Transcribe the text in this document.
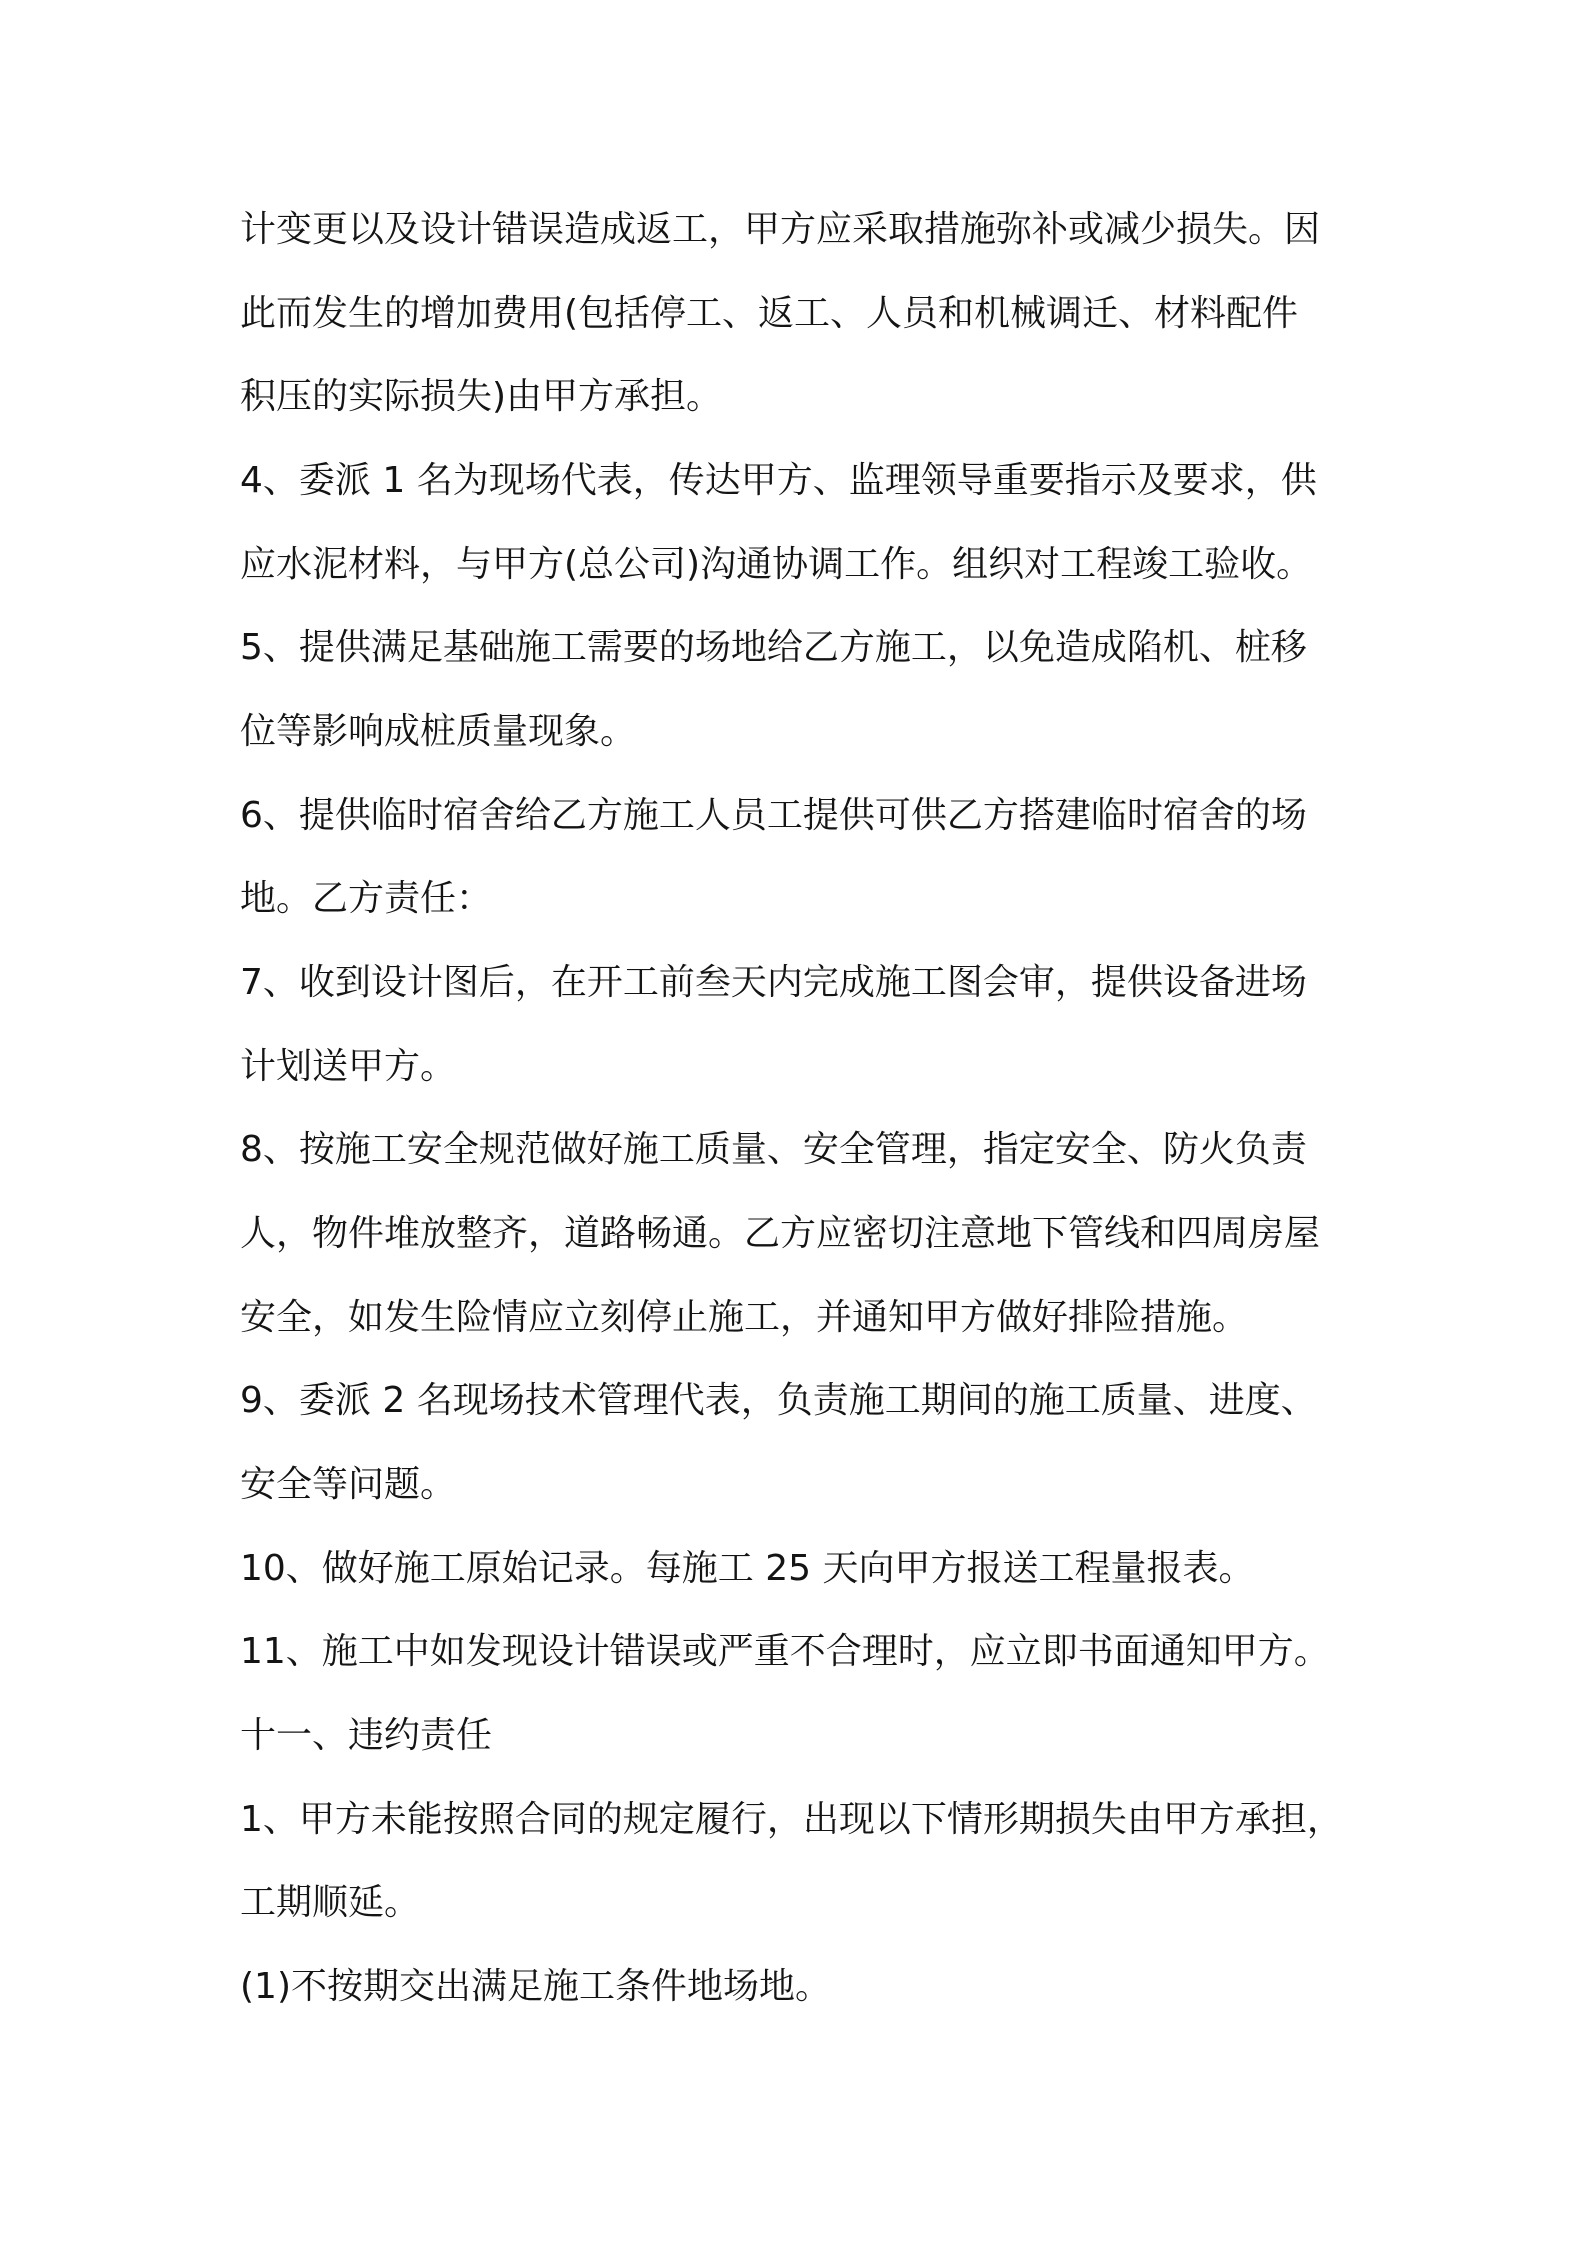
计变更以及设计错误造成返工，甲方应采取措施弥补或减少损失。因
此而发生的增加费用(包括停工、返工、人员和机械调迁、材料配件
积压的实际损失)由甲方承担。
4、委派 1 名为现场代表，传达甲方、监理领导重要指示及要求，供
应水泥材料，与甲方(总公司)沟通协调工作。组织对工程竣工验收。
5、提供满足基础施工需要的场地给乙方施工，以免造成陷机、桩移
位等影响成桩质量现象。
6、提供临时宿舍给乙方施工人员工提供可供乙方搭建临时宿舍的场
地。乙方责任：
7、收到设计图后，在开工前叁天内完成施工图会审，提供设备进场
计划送甲方。
8、按施工安全规范做好施工质量、安全管理，指定安全、防火负责
人，物件堆放整齐，道路畅通。乙方应密切注意地下管线和四周房屋
安全，如发生险情应立刻停止施工，并通知甲方做好排险措施。
9、委派 2 名现场技术管理代表，负责施工期间的施工质量、进度、
安全等问题。
10、做好施工原始记录。每施工 25 天向甲方报送工程量报表。
11、施工中如发现设计错误或严重不合理时，应立即书面通知甲方。
十一、违约责任
1、甲方未能按照合同的规定履行，出现以下情形期损失由甲方承担，
工期顺延。
(1)不按期交出满足施工条件地场地。
